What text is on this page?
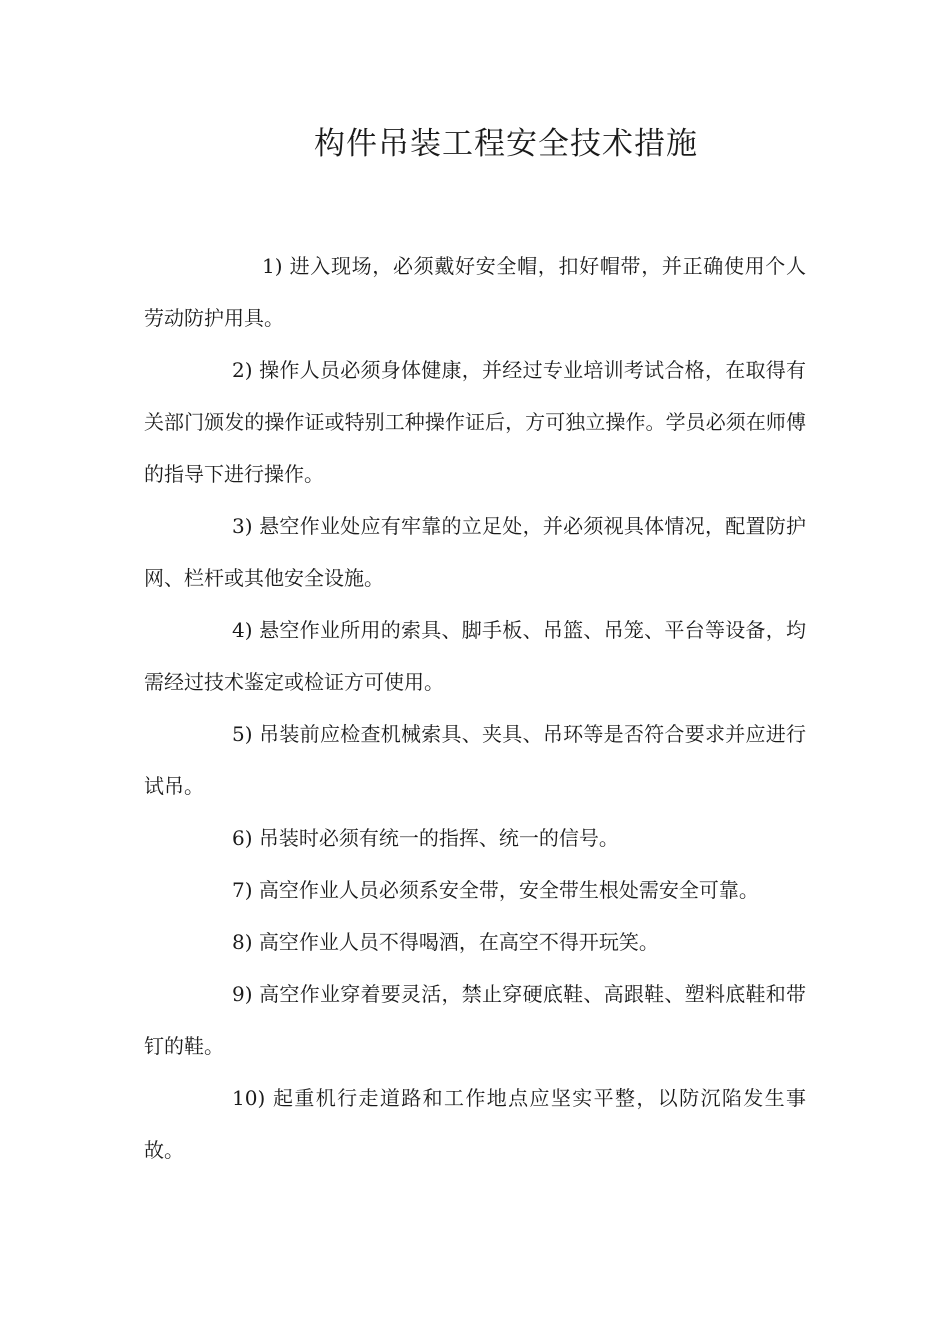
构件吊装工程安全技术措施

1) 进入现场，必须戴好安全帽，扣好帽带，并正确使用个人劳动防护用具。

2) 操作人员必须身体健康，并经过专业培训考试合格，在取得有关部门颁发的操作证或特别工种操作证后，方可独立操作。学员必须在师傅的指导下进行操作。

3) 悬空作业处应有牢靠的立足处，并必须视具体情况，配置防护网、栏杆或其他安全设施。

4) 悬空作业所用的索具、脚手板、吊篮、吊笼、平台等设备，均需经过技术鉴定或检证方可使用。

5) 吊装前应检查机械索具、夹具、吊环等是否符合要求并应进行试吊。

6) 吊装时必须有统一的指挥、统一的信号。

7) 高空作业人员必须系安全带，安全带生根处需安全可靠。

8) 高空作业人员不得喝酒，在高空不得开玩笑。

9) 高空作业穿着要灵活，禁止穿硬底鞋、高跟鞋、塑料底鞋和带钉的鞋。

10) 起重机行走道路和工作地点应坚实平整，以防沉陷发生事故。
